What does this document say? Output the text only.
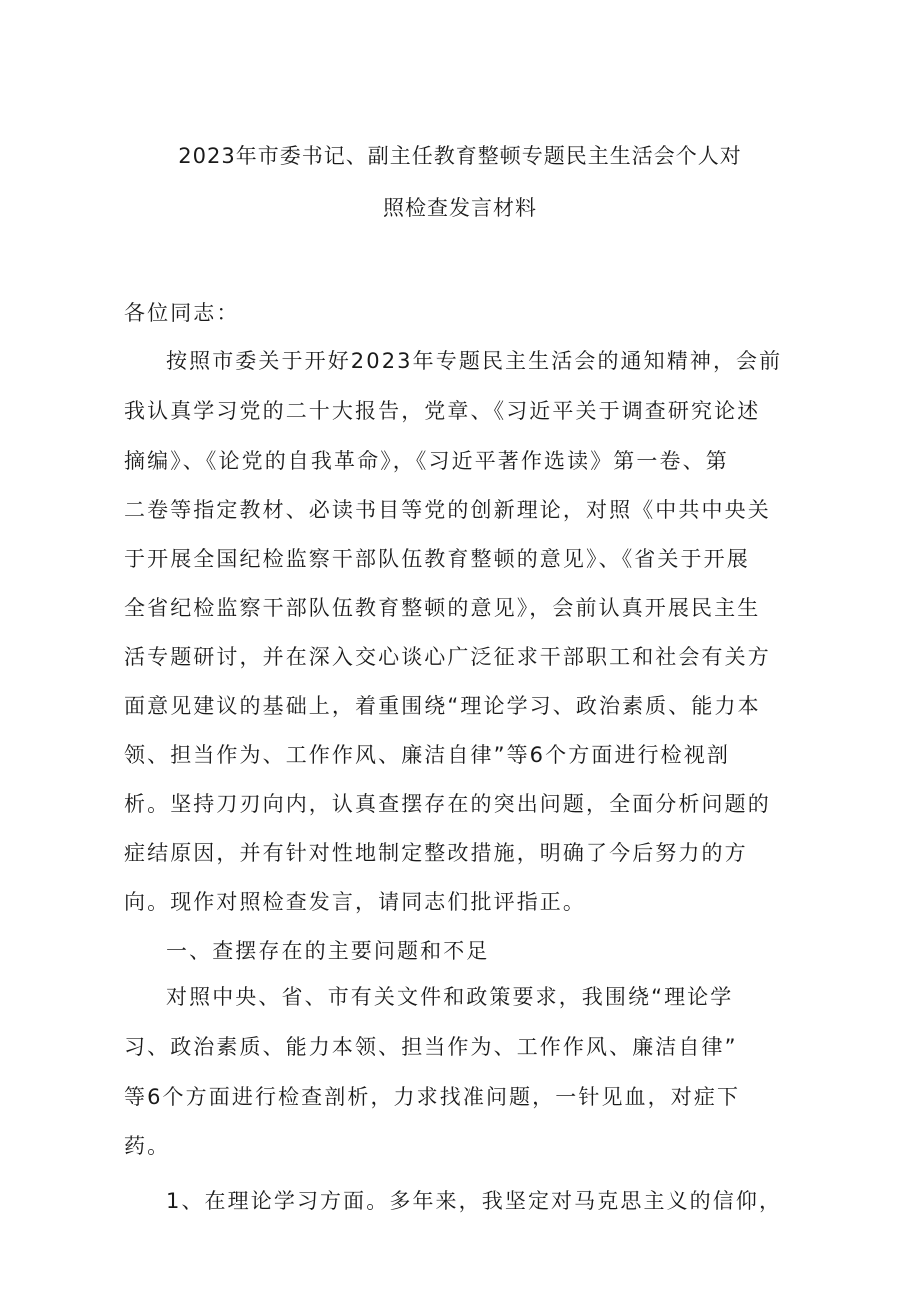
2023年市委书记、副主任教育整顿专题民主生活会个人对
照检查发言材料
各位同志：
按照市委关于开好2023年专题民主生活会的通知精神，会前
我认真学习党的二十大报告，党章、《习近平关于调查研究论述
摘编》、《论党的自我革命》，《习近平著作选读》第一卷、第
二卷等指定教材、必读书目等党的创新理论，对照《中共中央关
于开展全国纪检监察干部队伍教育整顿的意见》、《省关于开展
全省纪检监察干部队伍教育整顿的意见》，会前认真开展民主生
活专题研讨，并在深入交心谈心广泛征求干部职工和社会有关方
面意见建议的基础上，着重围绕“理论学习、政治素质、能力本
领、担当作为、工作作风、廉洁自律”等6个方面进行检视剖
析。坚持刀刃向内，认真查摆存在的突出问题，全面分析问题的
症结原因，并有针对性地制定整改措施，明确了今后努力的方
向。现作对照检查发言，请同志们批评指正。
一、查摆存在的主要问题和不足
对照中央、省、市有关文件和政策要求，我围绕“理论学
习、政治素质、能力本领、担当作为、工作作风、廉洁自律”
等6个方面进行检查剖析，力求找准问题，一针见血，对症下
药。
1、在理论学习方面。多年来，我坚定对马克思主义的信仰，
